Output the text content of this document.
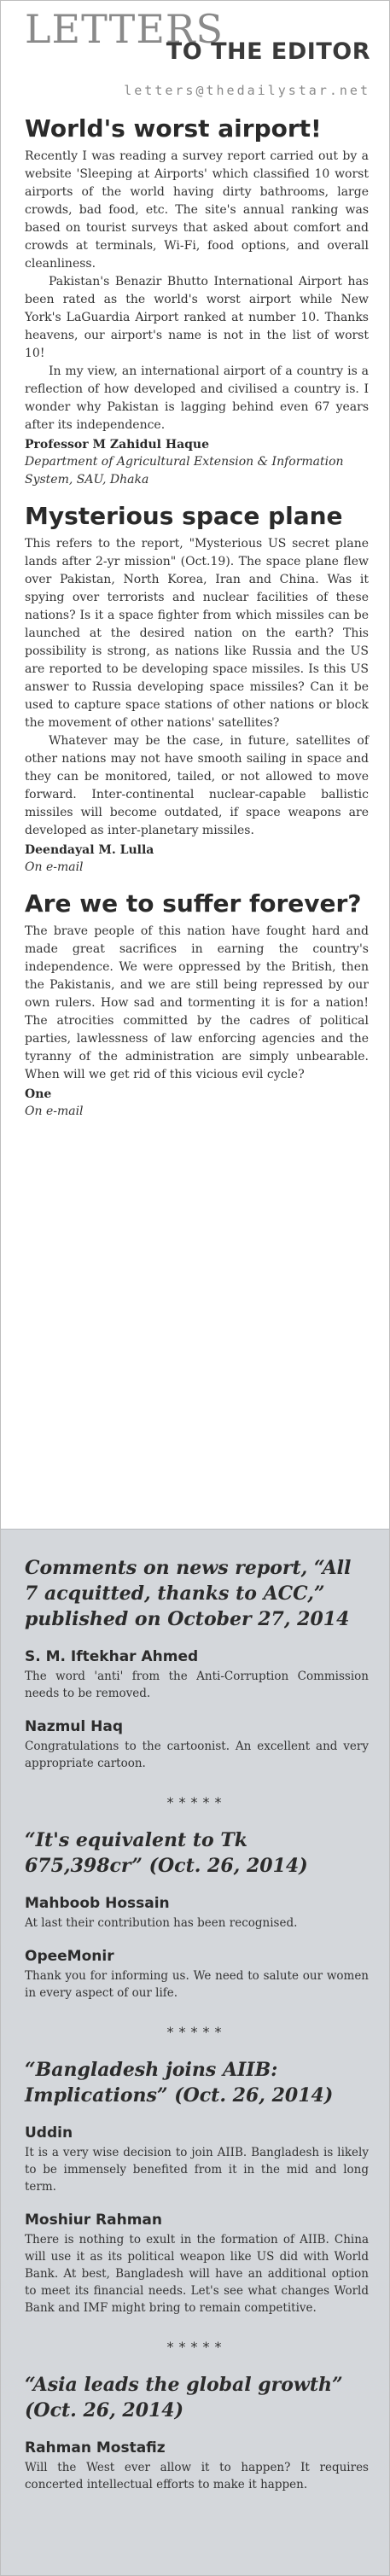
LETTERS
TO THE EDITOR
letters@thedailystar.net
World's worst airport!

Recently I was reading a survey report carried out by a website 'Sleeping at Airports' which classified 10 worst airports of the world having dirty bathrooms, large crowds, bad food, etc. The site's annual ranking was based on tourist surveys that asked about comfort and crowds at terminals, Wi-Fi, food options, and overall cleanliness.

Pakistan's Benazir Bhutto International Airport has been rated as the world's worst airport while New York's LaGuardia Airport ranked at number 10. Thanks heavens, our airport's name is not in the list of worst 10!

In my view, an international airport of a country is a reflection of how developed and civilised a country is. I wonder why Pakistan is lagging behind even 67 years after its independence.

Professor M Zahidul Haque
Department of Agricultural Extension & Information System, SAU, Dhaka
Mysterious space plane

This refers to the report, "Mysterious US secret plane lands after 2-yr mission" (Oct.19). The space plane flew over Pakistan, North Korea, Iran and China. Was it spying over terrorists and nuclear facilities of these nations? Is it a space fighter from which missiles can be launched at the desired nation on the earth? This possibility is strong, as nations like Russia and the US are reported to be developing space missiles. Is this US answer to Russia developing space missiles? Can it be used to capture space stations of other nations or block the movement of other nations' satellites?

Whatever may be the case, in future, satellites of other nations may not have smooth sailing in space and they can be monitored, tailed, or not allowed to move forward. Inter-continental nuclear-capable ballistic missiles will become outdated, if space weapons are developed as inter-planetary missiles.

Deendayal M. Lulla
On e-mail
Are we to suffer forever?

The brave people of this nation have fought hard and made great sacrifices in earning the country's independence. We were oppressed by the British, then the Pakistanis, and we are still being repressed by our own rulers. How sad and tormenting it is for a nation! The atrocities committed by the cadres of political parties, lawlessness of law enforcing agencies and the tyranny of the administration are simply unbearable. When will we get rid of this vicious evil cycle?

One
On e-mail
Comments on news report, “All 7 acquitted, thanks to ACC,” published on October 27, 2014
S. M. Iftekhar Ahmed
The word 'anti' from the Anti-Corruption Commission needs to be removed.
Nazmul Haq
Congratulations to the cartoonist. An excellent and very appropriate cartoon.
*****
“It's equivalent to Tk 675,398cr” (Oct. 26, 2014)
Mahboob Hossain
At last their contribution has been recognised.
OpeeMonir
Thank you for informing us. We need to salute our women in every aspect of our life.
*****
“Bangladesh joins AIIB: Implications” (Oct. 26, 2014)
Uddin
It is a very wise decision to join AIIB. Bangladesh is likely to be immensely benefited from it in the mid and long term.
Moshiur Rahman
There is nothing to exult in the formation of AIIB. China will use it as its political weapon like US did with World Bank. At best, Bangladesh will have an additional option to meet its financial needs. Let's see what changes World Bank and IMF might bring to remain competitive.
*****
“Asia leads the global growth” (Oct. 26, 2014)
Rahman Mostafiz
Will the West ever allow it to happen? It requires concerted intellectual efforts to make it happen.
